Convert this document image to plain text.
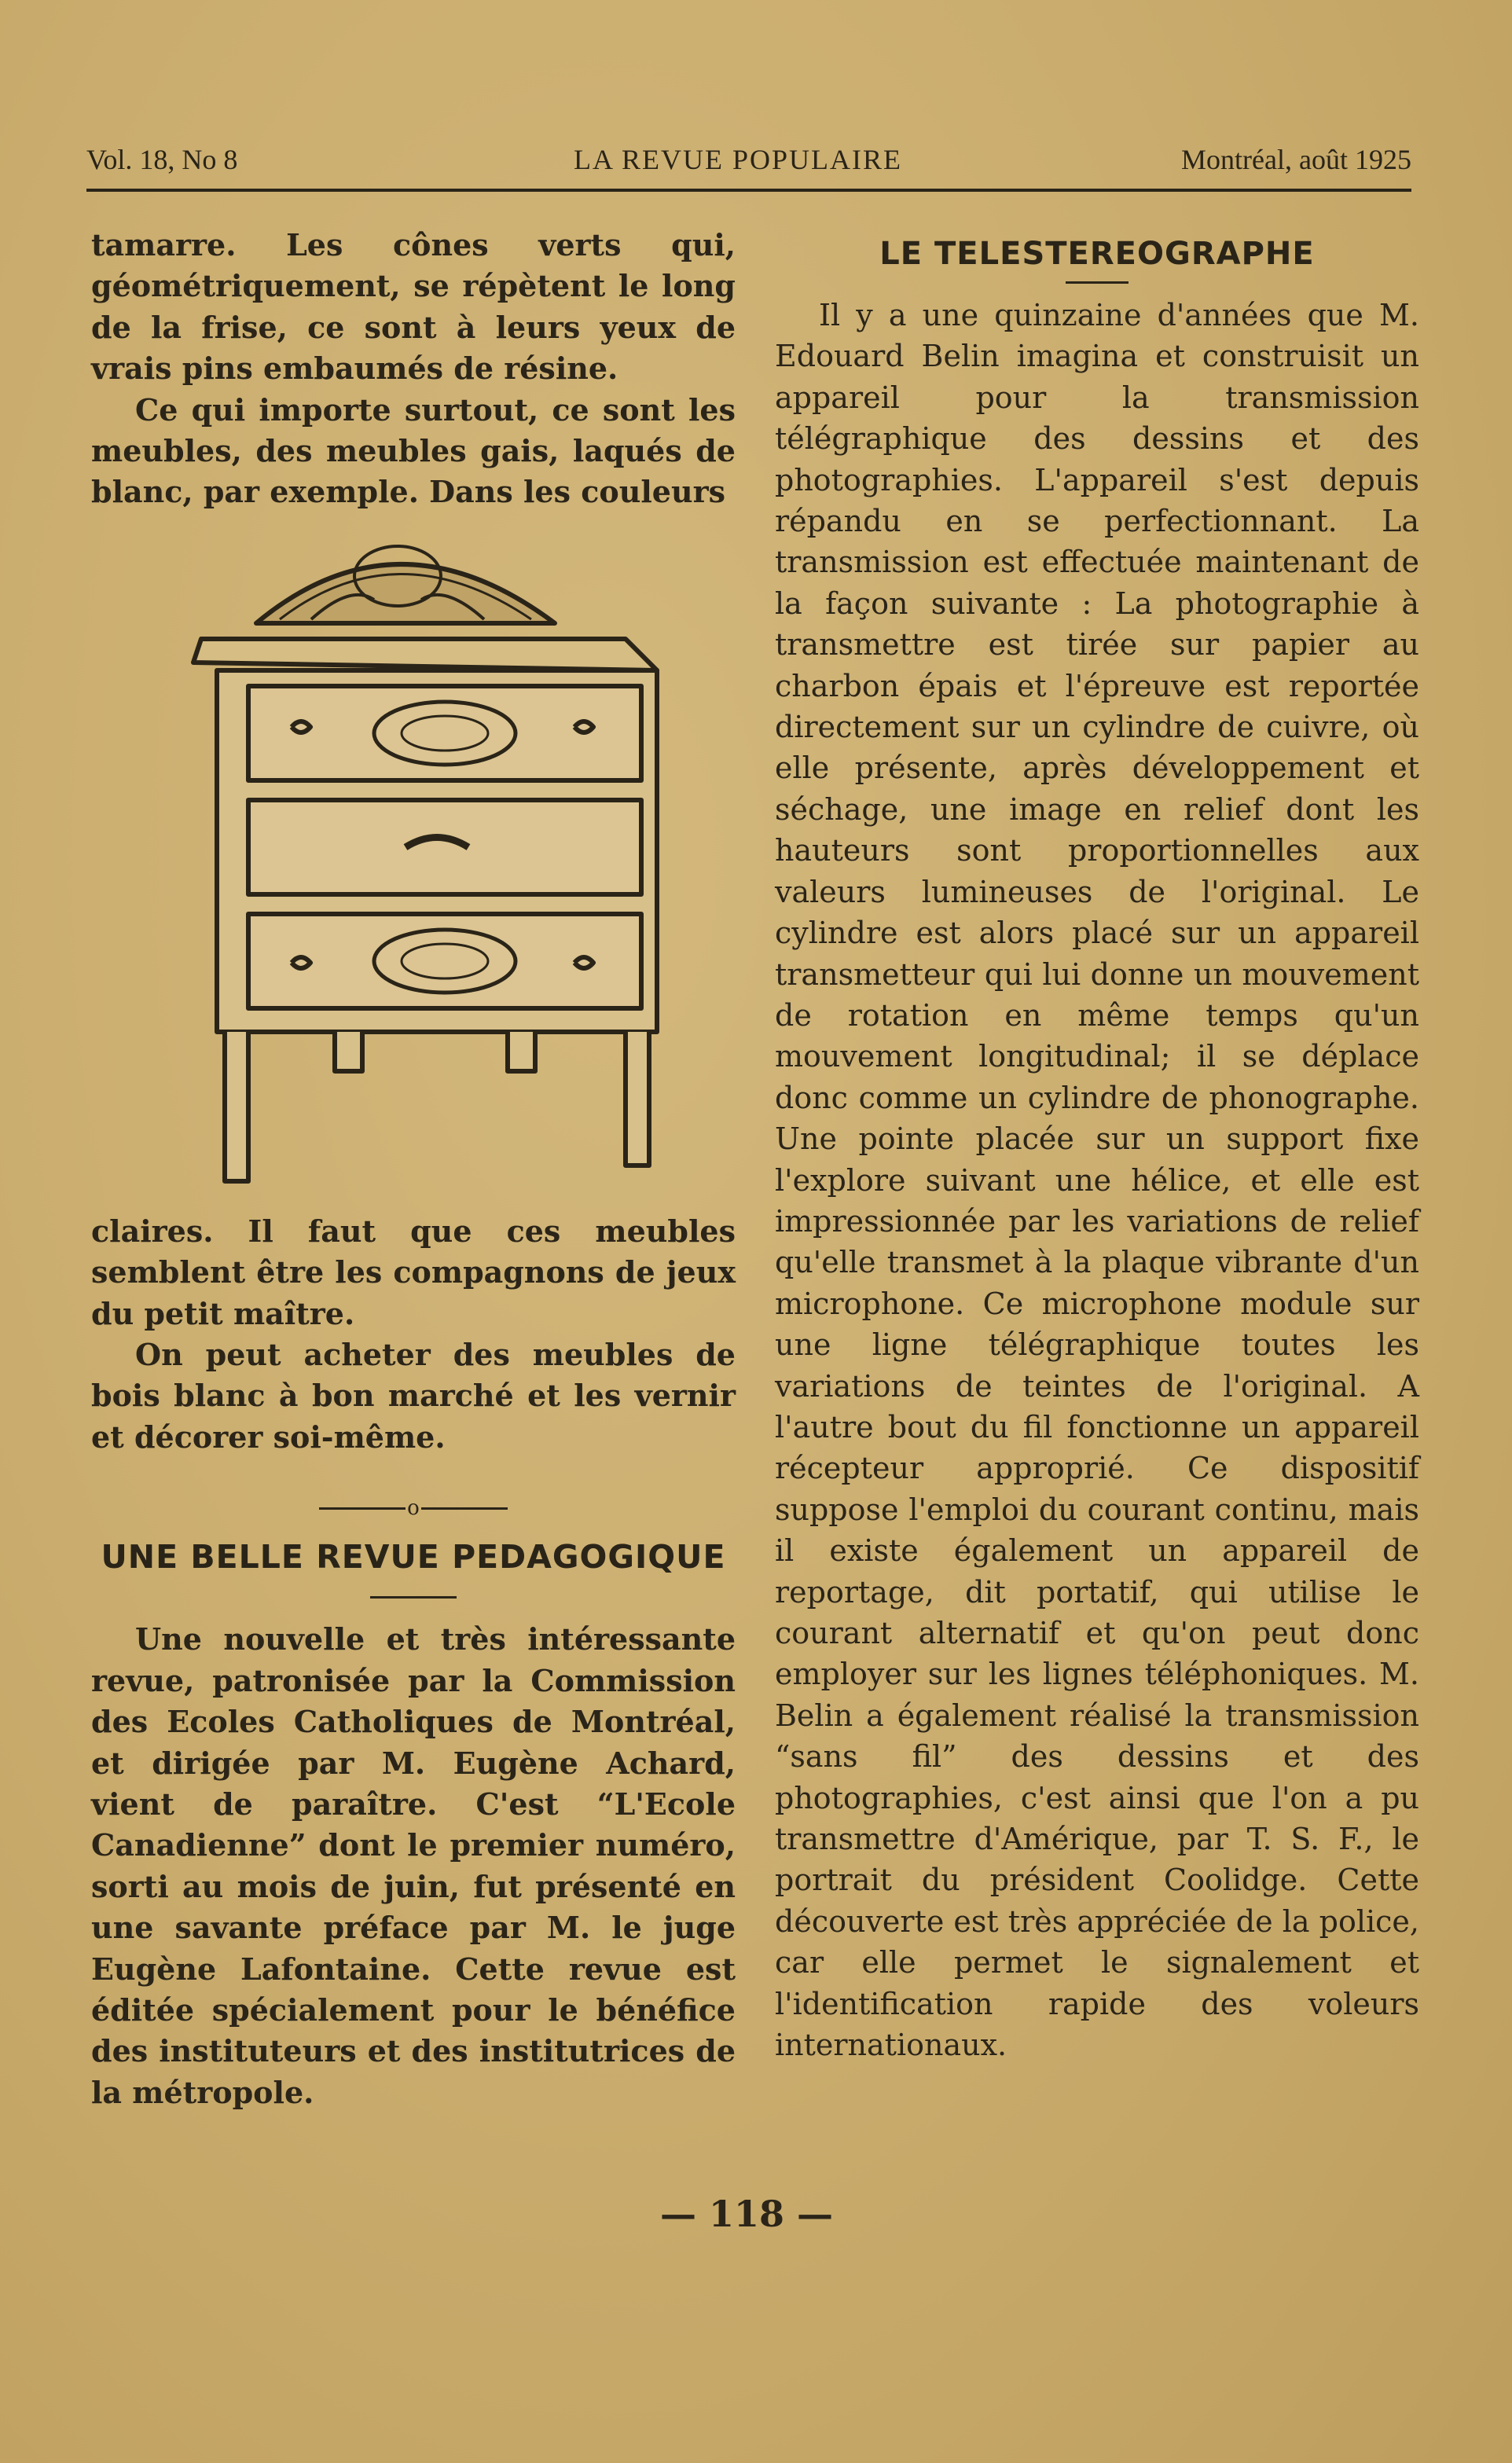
Vol. 18, No 8	LA REVUE POPULAIRE	Montréal, août 1925

tamarre. Les cônes verts qui, géométriquement, se répètent le long de la frise, ce sont à leurs yeux de vrais pins embaumés de résine.

Ce qui importe surtout, ce sont les meubles, des meubles gais, laqués de blanc, par exemple. Dans les couleurs

claires. Il faut que ces meubles semblent être les compagnons de jeux du petit maître.

On peut acheter des meubles de bois blanc à bon marché et les vernir et décorer soi-même.

o
UNE BELLE REVUE PEDAGOGIQUE

Une nouvelle et très intéressante revue, patronisée par la Commission des Ecoles Catholiques de Montréal, et dirigée par M. Eugène Achard, vient de paraître. C'est “L'Ecole Canadienne” dont le premier numéro, sorti au mois de juin, fut présenté en une savante préface par M. le juge Eugène Lafontaine. Cette revue est éditée spécialement pour le bénéfice des instituteurs et des institutrices de la métropole.

LE TELESTEREOGRAPHE

Il y a une quinzaine d'années que M. Edouard Belin imagina et construisit un appareil pour la transmission télégraphique des dessins et des photographies. L'appareil s'est depuis répandu en se perfectionnant. La transmission est effectuée maintenant de la façon suivante : La photographie à transmettre est tirée sur papier au charbon épais et l'épreuve est reportée directement sur un cylindre de cuivre, où elle présente, après développement et séchage, une image en relief dont les hauteurs sont proportionnelles aux valeurs lumineuses de l'original. Le cylindre est alors placé sur un appareil transmetteur qui lui donne un mouvement de rotation en même temps qu'un mouvement longitudinal; il se déplace donc comme un cylindre de phonographe. Une pointe placée sur un support fixe l'explore suivant une hélice, et elle est impressionnée par les variations de relief qu'elle transmet à la plaque vibrante d'un microphone. Ce microphone module sur une ligne télégraphique toutes les variations de teintes de l'original. A l'autre bout du fil fonctionne un appareil récepteur approprié. Ce dispositif suppose l'emploi du courant continu, mais il existe également un appareil de reportage, dit portatif, qui utilise le courant alternatif et qu'on peut donc employer sur les lignes téléphoniques. M. Belin a également réalisé la transmission “sans fil” des dessins et des photographies, c'est ainsi que l'on a pu transmettre d'Amérique, par T. S. F., le portrait du président Coolidge. Cette découverte est très appréciée de la police, car elle permet le signalement et l'identification rapide des voleurs internationaux.

— 118 —
